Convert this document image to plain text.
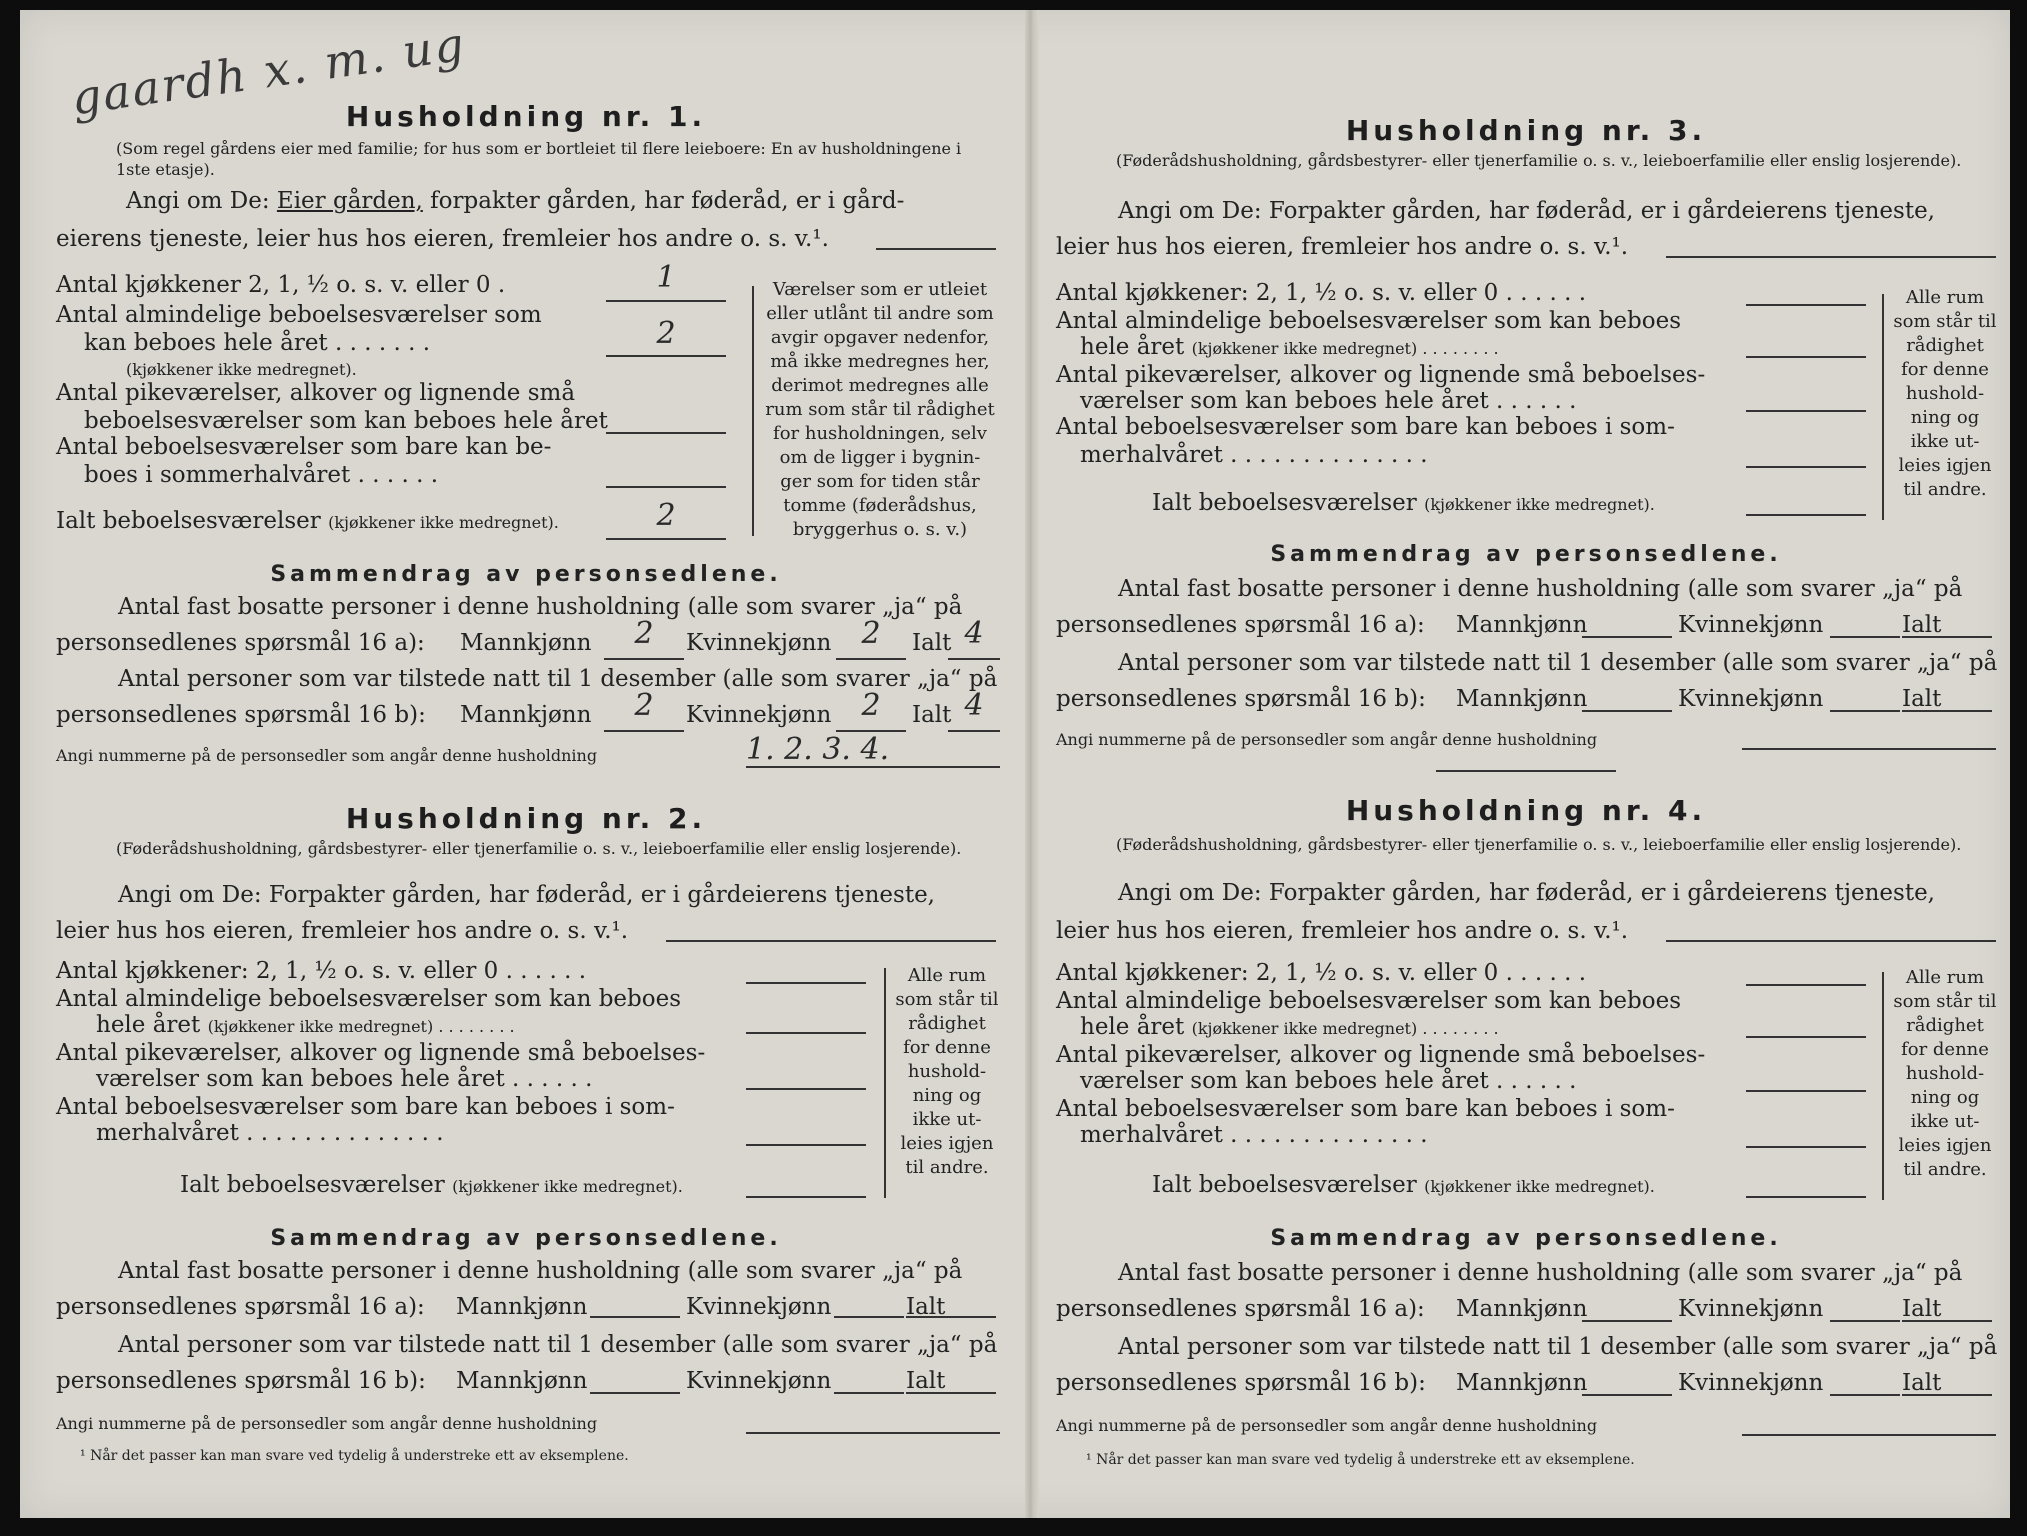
gaardh x. m. ug
Husholdning nr. 1.
(Som regel gårdens eier med familie; for hus som er bortleiet til flere leieboere: En av husholdningene i 1ste etasje).
Angi om De: Eier gården, forpakter gården, har føderåd, er i gård-
eierens tjeneste, leier hus hos eieren, fremleier hos andre o. s. v.¹.
Antal kjøkkener 2, 1, ½ o. s. v. eller 0 .	1
Antal almindelige beboelsesværelser som
kan beboes hele året . . . . . . .	2
(kjøkkener ikke medregnet).
Antal pikeværelser, alkover og lignende små
beboelsesværelser som kan beboes hele året
Antal beboelsesværelser som bare kan be-
boes i sommerhalvåret . . . . . .
Ialt beboelsesværelser (kjøkkener ikke medregnet).	2
Værelser som er utleiet
eller utlånt til andre som
avgir opgaver nedenfor,
må ikke medregnes her,
derimot medregnes alle
rum som står til rådighet
for husholdningen, selv
om de ligger i bygnin-
ger som for tiden står
tomme (føderådshus,
bryggerhus o. s. v.)
Sammendrag av personsedlene.
Antal fast bosatte personer i denne husholdning (alle som svarer „ja“ på
personsedlenes spørsmål 16 a): Mannkjønn	2	Kvinnekjønn	2	Ialt 4
Antal personer som var tilstede natt til 1 desember (alle som svarer „ja“ på
personsedlenes spørsmål 16 b): Mannkjønn	2	Kvinnekjønn	2	Ialt 4
Angi nummerne på de personsedler som angår denne husholdning	1. 2. 3. 4.
Husholdning nr. 2.
(Føderådshusholdning, gårdsbestyrer- eller tjenerfamilie o. s. v., leieboerfamilie eller enslig losjerende).
Angi om De: Forpakter gården, har føderåd, er i gårdeierens tjeneste,
leier hus hos eieren, fremleier hos andre o. s. v.¹.
Antal kjøkkener: 2, 1, ½ o. s. v. eller 0 . . . . . .
Antal almindelige beboelsesværelser som kan beboes
hele året (kjøkkener ikke medregnet) . . . . . . . .
Antal pikeværelser, alkover og lignende små beboelses-
værelser som kan beboes hele året . . . . . .
Antal beboelsesværelser som bare kan beboes i som-
merhalvåret . . . . . . . . . . . . . .
Ialt beboelsesværelser (kjøkkener ikke medregnet).
Alle rum
som står til
rådighet
for denne
hushold-
ning og
ikke ut-
leies igjen
til andre.
Sammendrag av personsedlene.
Antal fast bosatte personer i denne husholdning (alle som svarer „ja“ på
personsedlenes spørsmål 16 a): Mannkjønn	Kvinnekjønn	Ialt
Antal personer som var tilstede natt til 1 desember (alle som svarer „ja“ på
personsedlenes spørsmål 16 b): Mannkjønn	Kvinnekjønn	Ialt
Angi nummerne på de personsedler som angår denne husholdning
¹ Når det passer kan man svare ved tydelig å understreke ett av eksemplene.
Husholdning nr. 3.
(Føderådshusholdning, gårdsbestyrer- eller tjenerfamilie o. s. v., leieboerfamilie eller enslig losjerende).
Angi om De: Forpakter gården, har føderåd, er i gårdeierens tjeneste,
leier hus hos eieren, fremleier hos andre o. s. v.¹.
Antal kjøkkener: 2, 1, ½ o. s. v. eller 0 . . . . . .
Antal almindelige beboelsesværelser som kan beboes
hele året (kjøkkener ikke medregnet) . . . . . . . .
Antal pikeværelser, alkover og lignende små beboelses-
værelser som kan beboes hele året . . . . . .
Antal beboelsesværelser som bare kan beboes i som-
merhalvåret . . . . . . . . . . . . . .
Ialt beboelsesværelser (kjøkkener ikke medregnet).
Alle rum
som står til
rådighet
for denne
hushold-
ning og
ikke ut-
leies igjen
til andre.
Sammendrag av personsedlene.
Antal fast bosatte personer i denne husholdning (alle som svarer „ja“ på
personsedlenes spørsmål 16 a): Mannkjønn	Kvinnekjønn	Ialt
Antal personer som var tilstede natt til 1 desember (alle som svarer „ja“ på
personsedlenes spørsmål 16 b): Mannkjønn	Kvinnekjønn	Ialt
Angi nummerne på de personsedler som angår denne husholdning
Husholdning nr. 4.
(Føderådshusholdning, gårdsbestyrer- eller tjenerfamilie o. s. v., leieboerfamilie eller enslig losjerende).
Angi om De: Forpakter gården, har føderåd, er i gårdeierens tjeneste,
leier hus hos eieren, fremleier hos andre o. s. v.¹.
Antal kjøkkener: 2, 1, ½ o. s. v. eller 0 . . . . . .
Antal almindelige beboelsesværelser som kan beboes
hele året (kjøkkener ikke medregnet) . . . . . . . .
Antal pikeværelser, alkover og lignende små beboelses-
værelser som kan beboes hele året . . . . . .
Antal beboelsesværelser som bare kan beboes i som-
merhalvåret . . . . . . . . . . . . . .
Ialt beboelsesværelser (kjøkkener ikke medregnet).
Alle rum
som står til
rådighet
for denne
hushold-
ning og
ikke ut-
leies igjen
til andre.
Sammendrag av personsedlene.
Antal fast bosatte personer i denne husholdning (alle som svarer „ja“ på
personsedlenes spørsmål 16 a): Mannkjønn	Kvinnekjønn	Ialt
Antal personer som var tilstede natt til 1 desember (alle som svarer „ja“ på
personsedlenes spørsmål 16 b): Mannkjønn	Kvinnekjønn	Ialt
Angi nummerne på de personsedler som angår denne husholdning
¹ Når det passer kan man svare ved tydelig å understreke ett av eksemplene.
